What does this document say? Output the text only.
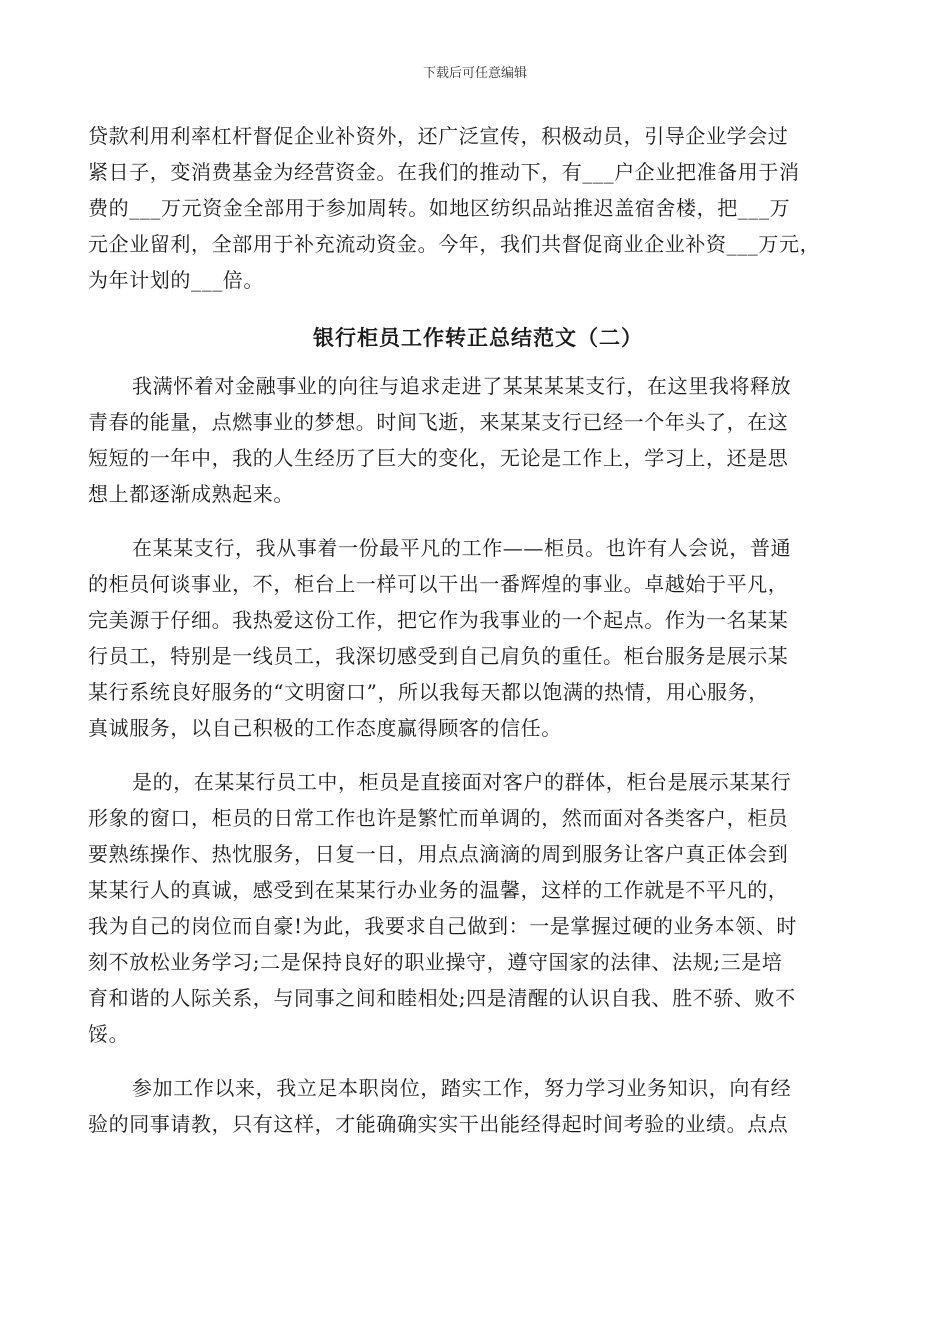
下载后可任意编辑
贷款利用利率杠杆督促企业补资外，还广泛宣传，积极动员，引导企业学会过
紧日子，变消费基金为经营资金。在我们的推动下，有___户企业把准备用于消
费的___万元资金全部用于参加周转。如地区纺织品站推迟盖宿舍楼，把___万
元企业留利，全部用于补充流动资金。今年，我们共督促商业企业补资___万元，
为年计划的___倍。
银行柜员工作转正总结范文（二）
我满怀着对金融事业的向往与追求走进了某某某某支行，在这里我将释放
青春的能量，点燃事业的梦想。时间飞逝，来某某支行已经一个年头了，在这
短短的一年中，我的人生经历了巨大的变化，无论是工作上，学习上，还是思
想上都逐渐成熟起来。
在某某支行，我从事着一份最平凡的工作——柜员。也许有人会说，普通
的柜员何谈事业，不，柜台上一样可以干出一番辉煌的事业。卓越始于平凡，
完美源于仔细。我热爱这份工作，把它作为我事业的一个起点。作为一名某某
行员工，特别是一线员工，我深切感受到自己肩负的重任。柜台服务是展示某
某行系统良好服务的“文明窗口”，所以我每天都以饱满的热情，用心服务，
真诚服务，以自己积极的工作态度赢得顾客的信任。
是的，在某某行员工中，柜员是直接面对客户的群体，柜台是展示某某行
形象的窗口，柜员的日常工作也许是繁忙而单调的，然而面对各类客户，柜员
要熟练操作、热忱服务，日复一日，用点点滴滴的周到服务让客户真正体会到
某某行人的真诚，感受到在某某行办业务的温馨，这样的工作就是不平凡的，
我为自己的岗位而自豪!为此，我要求自己做到：一是掌握过硬的业务本领、时
刻不放松业务学习;二是保持良好的职业操守，遵守国家的法律、法规;三是培
育和谐的人际关系，与同事之间和睦相处;四是清醒的认识自我、胜不骄、败不
馁。
参加工作以来，我立足本职岗位，踏实工作，努力学习业务知识，向有经
验的同事请教，只有这样，才能确确实实干出能经得起时间考验的业绩。点点
